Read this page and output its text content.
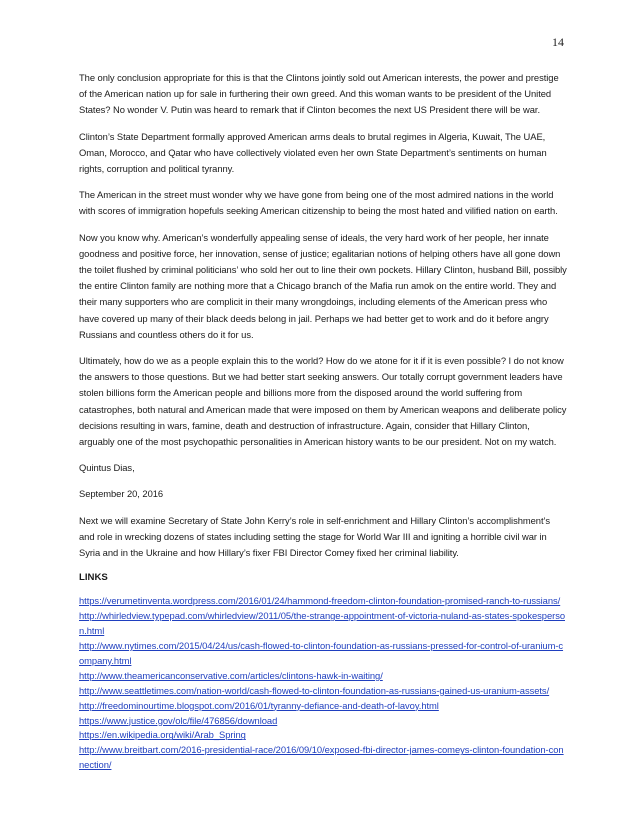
14

The only conclusion appropriate for this is that the Clintons jointly sold out American interests, the power and prestige of the American nation up for sale in furthering their own greed. And this woman wants to be president of the United States? No wonder V. Putin was heard to remark that if Clinton becomes the next US President there will be war.

Clinton’s State Department formally approved American arms deals to brutal regimes in Algeria, Kuwait, The UAE, Oman, Morocco, and Qatar who have collectively violated even her own State Department’s sentiments on human rights, corruption and political tyranny.

The American in the street must wonder why we have gone from being one of the most admired nations in the world with scores of immigration hopefuls seeking American citizenship to being the most hated and vilified nation on earth.

Now you know why. American’s wonderfully appealing sense of ideals, the very hard work of her people, her innate goodness and positive force, her innovation, sense of justice; egalitarian notions of helping others have all gone down the toilet flushed by criminal politicians’ who sold her out to line their own pockets. Hillary Clinton, husband Bill, possibly the entire Clinton family are nothing more that a Chicago branch of the Mafia run amok on the entire world. They and their many supporters who are complicit in their many wrongdoings, including elements of the American press who have covered up many of their black deeds belong in jail. Perhaps we had better get to work and do it before angry Russians and countless others do it for us.

Ultimately, how do we as a people explain this to the world? How do we atone for it if it is even possible? I do not know the answers to those questions. But we had better start seeking answers. Our totally corrupt government leaders have stolen billions form the American people and billions more from the disposed around the world suffering from catastrophes, both natural and American made that were imposed on them by American weapons and deliberate policy decisions resulting in wars, famine, death and destruction of infrastructure. Again, consider that Hillary Clinton, arguably one of the most psychopathic personalities in American history wants to be our president. Not on my watch.

Quintus Dias,

September 20, 2016

Next we will examine Secretary of State John Kerry’s role in self-enrichment and Hillary Clinton’s accomplishment’s and role in wrecking dozens of states including setting the stage for World War III and igniting a horrible civil war in Syria and in the Ukraine and how Hillary’s fixer FBI Director Comey fixed her criminal liability.

LINKS
https://verumetinventa.wordpress.com/2016/01/24/hammond-freedom-clinton-foundation-promised-ranch-to-russians/
http://whirledview.typepad.com/whirledview/2011/05/the-strange-appointment-of-victoria-nuland-as-states-spokesperson.html
http://www.nytimes.com/2015/04/24/us/cash-flowed-to-clinton-foundation-as-russians-pressed-for-control-of-uranium-company.html
http://www.theamericanconservative.com/articles/clintons-hawk-in-waiting/
http://www.seattletimes.com/nation-world/cash-flowed-to-clinton-foundation-as-russians-gained-us-uranium-assets/
http://freedominourtime.blogspot.com/2016/01/tyranny-defiance-and-death-of-lavoy.html
https://www.justice.gov/olc/file/476856/download
https://en.wikipedia.org/wiki/Arab_Spring
http://www.breitbart.com/2016-presidential-race/2016/09/10/exposed-fbi-director-james-comeys-clinton-foundation-connection/
